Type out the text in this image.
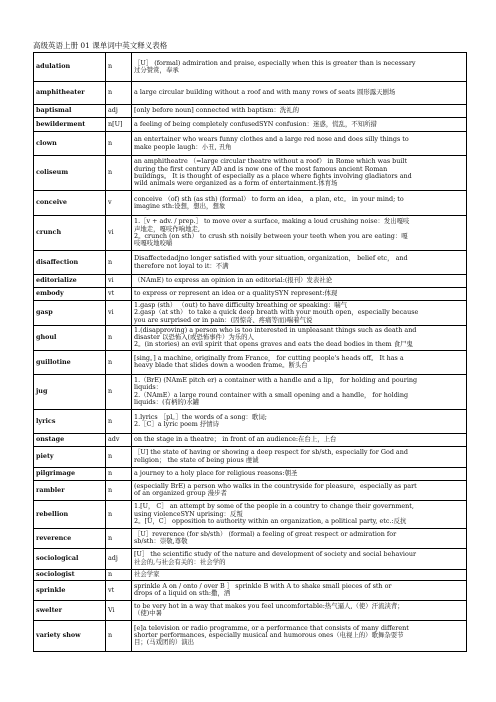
高级英语上册 01 课单词中英文释义表格
adulation	n	［U］ (formal) admiration and praise, especially when this is greater than is necessary
过分赞赏，奉承

amphitheater	n	a large circular building without a roof and with many rows of seats 圆形露天剧场

baptismal	adj	[only before noun] connected with baptism：洗礼的

bewilderment	n[U]	a feeling of being completely confusedSYN confusion：迷惑，慌乱，不知所措

clown	n	an entertainer who wears funny clothes and a large red nose and does silly things to
make people laugh：小丑, 丑角

coliseum	n	an amphitheatre （=large circular theatre without a roof） in Rome which was built
during the first century AD and is now one of the most famous ancient Roman
buildings。 It is thought of especially as a place where fights involving gladiators and
wild animals were organized as a form of entertainment.体育场

conceive	v	conceive （of) sth (as sth) (formal） to form an idea， a plan, etc。 in your mind; to
imagine sth:设想，想出，想象

crunch	vi	1.［v + adv. / prep.］ to move over a surface, making a loud crushing noise：发出嘎吱
声地走，嘎吱作响地走,
2。crunch (on sth） to crush sth noisily between your teeth when you are eating：嘎
吱嘎吱地咬嚼

disaffection	n	Disaffectedadjno longer satisfied with your situation, organization， belief etc， and
therefore not loyal to it：不满

editorialize	vi	（NAmE) to express an opinion in an editorial:(报刊）发表社论

embody	vt	to express or represent an idea or a qualitySYN represent:体现

gasp	vi	1.gasp (sth） （out) to have difficulty breathing or speaking：喘气
2.gasp（at sth） to take a quick deep breath with your mouth open，especially because
you are surprised or in pain：(因惊奇、疼痛等而)喘着气说

ghoul	n	1.(disapproving) a person who is too interested in unpleasant things such as death and
disaster 以恐怖入(或恐怖事件）为乐的人
2。(in stories) an evil spirit that opens graves and eats the dead bodies in them 食尸鬼

guillotine	n	[sing。] a machine, originally from France， for cutting people's heads off。 It has a
heavy blade that slides down a wooden frame。断头台

jug	n	1.（BrE) (NAmE pitch er) a container with a handle and a lip， for holding and pouring
liquids：
2.（NAmE）a large round container with a small opening and a handle， for holding
liquids：(有柄的)水罐

lyrics	n	1.lyrics ［pl。］the words of a song：歌词;
2.［C］a lyric poem 抒情诗

onstage	adv	on the stage in a theatre； in front of an audience:在台上，上台

piety	n	［U] the state of having or showing a deep respect for sb/sth, especially for God and
religion； the state of being pious 虔诚

pilgrimage	n	a journey to a holy place for religious reasons:朝圣

rambler	n	(especially BrE) a person who walks in the countryside for pleasure，especially as part
of an organized group 漫步者

rebellion	n	1.[U， C］ an attempt by some of the people in a country to change their government,
using violenceSYN uprising：反叛
2。[U，C］ opposition to authority within an organization, a political party, etc.:反抗

reverence	n	［U］reverence (for sb/sth） (formal) a feeling of great respect or admiration for
sb/sth：崇敬,尊敬

sociological	adj	[U］ the scientific study of the nature and development of society and social behaviour
社会的,与社会有关的：社会学的

sociologist	n	社会学家

sprinkle	vt	sprinkle A on / onto / over B ］ sprinkle B with A to shake small pieces of sth or
drops of a liquid on sth:撒，洒

swelter	Vi	to be very hot in a way that makes you feel uncomfortable:热气逼人,（使）汗流浃背；
（使)中暑

variety show	n	[e]a television or radio programme, or a performance that consists of many different
shorter performances, especially musical and humorous ones（电视上的）歌舞杂耍节
目；(马戏团的）演出
